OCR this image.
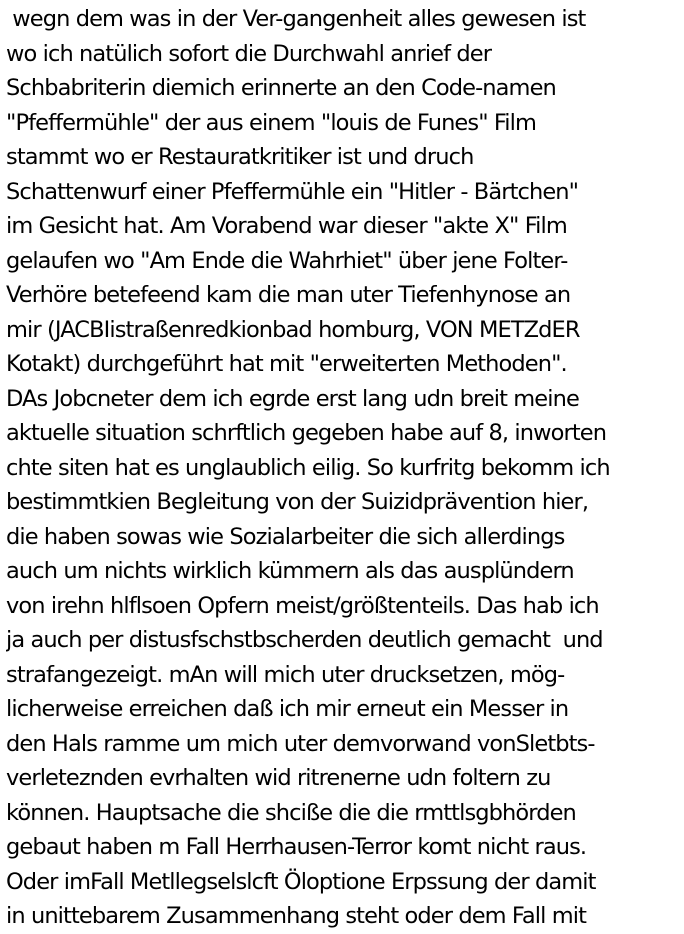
wegn dem was in der Ver-gangenheit alles gewesen ist
wo ich natülich sofort die Durchwahl anrief der
Schbabriterin diemich erinnerte an den Code-namen
"Pfeffermühle" der aus einem "louis de Funes" Film
stammt wo er Restauratkritiker ist und druch
Schattenwurf einer Pfeffermühle ein "Hitler - Bärtchen"
im Gesicht hat. Am Vorabend war dieser "akte X" Film
gelaufen wo "Am Ende die Wahrhiet" über jene Folter-
Verhöre betefeend kam die man uter Tiefenhynose an
mir (JACBIistraßenredkionbad homburg, VON METZdER
Kotakt) durchgeführt hat mit "erweiterten Methoden".
DAs Jobcneter dem ich egrde erst lang udn breit meine
aktuelle situation schrftlich gegeben habe auf 8, inworten
chte siten hat es unglaublich eilig. So kurfritg bekomm ich
bestimmtkien Begleitung von der Suizidprävention hier,
die haben sowas wie Sozialarbeiter die sich allerdings
auch um nichts wirklich kümmern als das ausplündern
von irehn hlflsoen Opfern meist/größtenteils. Das hab ich
ja auch per distusfschstbscherden deutlich gemacht  und
strafangezeigt. mAn will mich uter drucksetzen, mög-
licherweise erreichen daß ich mir erneut ein Messer in
den Hals ramme um mich uter demvorwand vonSletbts-
verleteznden evrhalten wid ritrenerne udn foltern zu
können. Hauptsache die shciße die die rmttlsgbhörden
gebaut haben m Fall Herrhausen-Terror komt nicht raus.
Oder imFall Metllegselslcft Öloptione Erpssung der damit
in unittebarem Zusammenhang steht oder dem Fall mit
